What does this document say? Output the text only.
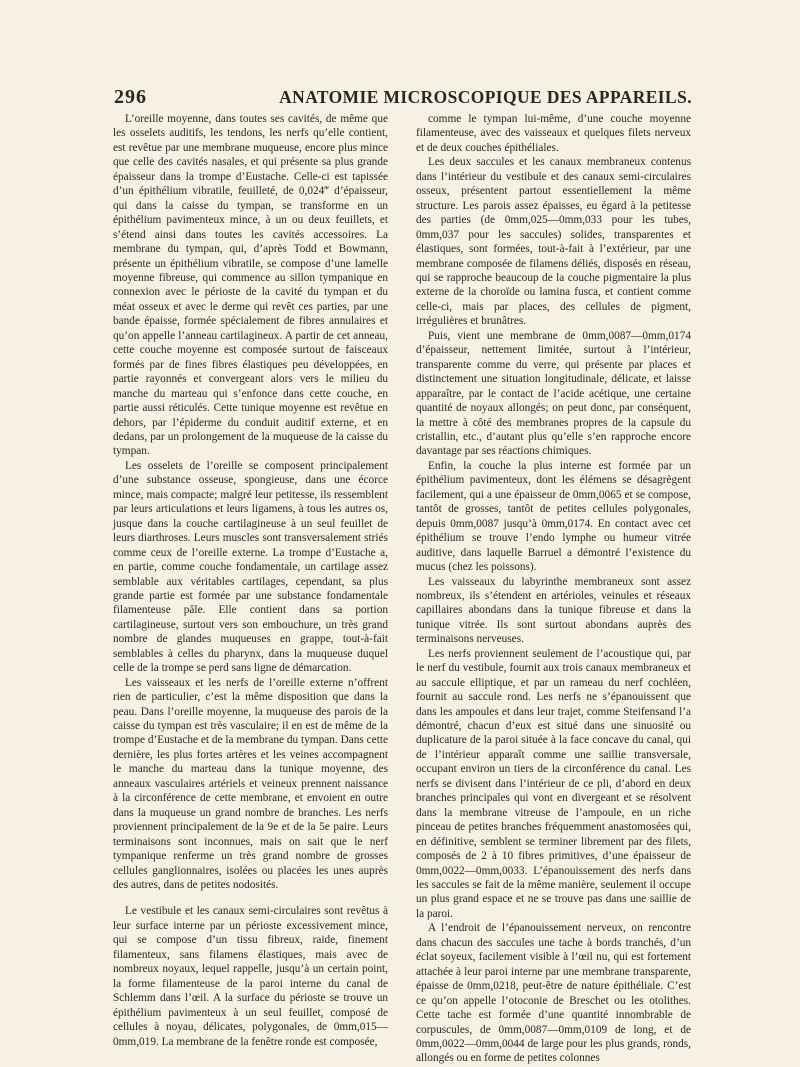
296	ANATOMIE MICROSCOPIQUE DES APPAREILS.

L’oreille moyenne, dans toutes ses cavités, de même que les osselets auditifs, les tendons, les nerfs qu’elle contient, est revêtue par une membrane muqueuse, encore plus mince que celle des cavités nasales, et qui présente sa plus grande épaisseur dans la trompe d’Eustache. Celle-ci est tapissée d’un épithélium vibratile, feuilleté, de 0,024‴ d’épaisseur, qui dans la caisse du tympan, se transforme en un épithélium pavimenteux mince, à un ou deux feuillets, et s’étend ainsi dans toutes les cavités accessoires. La membrane du tympan, qui, d’après Todd et Bowmann, présente un épithélium vibratile, se compose d’une lamelle moyenne fibreuse, qui commence au sillon tympanique en connexion avec le périoste de la cavité du tympan et du méat osseux et avec le derme qui revêt ces parties, par une bande épaisse, formée spécialement de fibres annulaires et qu’on appelle l’anneau cartilagineux. A partir de cet anneau, cette couche moyenne est composée surtout de faisceaux formés par de fines fibres élastiques peu développées, en partie rayonnés et convergeant alors vers le milieu du manche du marteau qui s’enfonce dans cette couche, en partie aussi réticulés. Cette tunique moyenne est revêtue en dehors, par l’épiderme du conduit auditif externe, et en dedans, par un prolongement de la muqueuse de la caisse du tympan.

Les osselets de l’oreille se composent principalement d’une substance osseuse, spongieuse, dans une écorce mince, mais compacte; malgré leur petitesse, ils ressemblent par leurs articulations et leurs ligamens, à tous les autres os, jusque dans la couche cartilagineuse à un seul feuillet de leurs diarthroses. Leurs muscles sont transversalement striés comme ceux de l’oreille externe. La trompe d’Eustache a, en partie, comme couche fondamentale, un cartilage assez semblable aux véritables cartilages, cependant, sa plus grande partie est formée par une substance fondamentale filamenteuse pâle. Elle contient dans sa portion cartilagineuse, surtout vers son embouchure, un très grand nombre de glandes muqueuses en grappe, tout-à-fait semblables à celles du pharynx, dans la muqueuse duquel celle de la trompe se perd sans ligne de démarcation.

Les vaisseaux et les nerfs de l’oreille externe n’offrent rien de particulier, c’est la même disposition que dans la peau. Dans l’oreille moyenne, la muqueuse des parois de la caisse du tympan est très vasculaire; il en est de même de la trompe d’Eustache et de la membrane du tympan. Dans cette dernière, les plus fortes artères et les veines accompagnent le manche du marteau dans la tunique moyenne, des anneaux vasculaires artériels et veineux prennent naissance à la circonférence de cette membrane, et envoient en outre dans la muqueuse un grand nombre de branches. Les nerfs proviennent principalement de la 9e et de la 5e paire. Leurs terminaisons sont inconnues, mais on sait que le nerf tympanique renferme un très grand nombre de grosses cellules ganglionnaires, isolées ou placées les unes auprès des autres, dans de petites nodosités.

Le vestibule et les canaux semi-circulaires sont revêtus à leur surface interne par un périoste excessivement mince, qui se compose d’un tissu fibreux, raide, finement filamenteux, sans filamens élastiques, mais avec de nombreux noyaux, lequel rappelle, jusqu’à un certain point, la forme filamenteuse de la paroi interne du canal de Schlemm dans l’œil. A la surface du périoste se trouve un épithélium pavimenteux à un seul feuillet, composé de cellules à noyau, délicates, polygonales, de 0mm,015—0mm,019. La membrane de la fenêtre ronde est composée,

comme le tympan lui-même, d’une couche moyenne filamenteuse, avec des vaisseaux et quelques filets nerveux et de deux couches épithéliales.

Les deux saccules et les canaux membraneux contenus dans l’intérieur du vestibule et des canaux semi-circulaires osseux, présentent partout essentiellement la même structure. Les parois assez épaisses, eu égard à la petitesse des parties (de 0mm,025—0mm,033 pour les tubes, 0mm,037 pour les saccules) solides, transparentes et élastiques, sont formées, tout-à-fait à l’extérieur, par une membrane composée de filamens déliés, disposés en réseau, qui se rapproche beaucoup de la couche pigmentaire la plus externe de la choroïde ou lamina fusca, et contient comme celle-ci, mais par places, des cellules de pigment, irrégulières et brunâtres.

Puis, vient une membrane de 0mm,0087—0mm,0174 d’épaisseur, nettement limitée, surtout à l’intérieur, transparente comme du verre, qui présente par places et distinctement une situation longitudinale, délicate, et laisse apparaître, par le contact de l’acide acétique, une certaine quantité de noyaux allongés; on peut donc, par conséquent, la mettre à côté des membranes propres de la capsule du cristallin, etc., d’autant plus qu’elle s’en rapproche encore davantage par ses réactions chimiques.

Enfin, la couche la plus interne est formée par un épithélium pavimenteux, dont les élémens se désagrègent facilement, qui a une épaisseur de 0mm,0065 et se compose, tantôt de grosses, tantôt de petites cellules polygonales, depuis 0mm,0087 jusqu’à 0mm,0174. En contact avec cet épithélium se trouve l’endo lymphe ou humeur vitrée auditive, dans laquelle Barruel a démontré l’existence du mucus (chez les poissons).

Les vaisseaux du labyrinthe membraneux sont assez nombreux, ils s’étendent en artérioles, veinules et réseaux capillaires abondans dans la tunique fibreuse et dans la tunique vitrée. Ils sont surtout abondans auprès des terminaisons nerveuses.

Les nerfs proviennent seulement de l’acoustique qui, par le nerf du vestibule, fournit aux trois canaux membraneux et au saccule elliptique, et par un rameau du nerf cochléen, fournit au saccule rond. Les nerfs ne s’épanouissent que dans les ampoules et dans leur trajet, comme Steifensand l’a démontré, chacun d’eux est situé dans une sinuosité ou duplicature de la paroi située à la face concave du canal, qui de l’intérieur apparaît comme une saillie transversale, occupant environ un tiers de la circonférence du canal. Les nerfs se divisent dans l’intérieur de ce pli, d’abord en deux branches principales qui vont en divergeant et se résolvent dans la membrane vitreuse de l’ampoule, en un riche pinceau de petites branches fréquemment anastomosées qui, en définitive, semblent se terminer librement par des filets, composés de 2 à 10 fibres primitives, d’une épaisseur de 0mm,0022—0mm,0033. L’épanouissement des nerfs dans les saccules se fait de la même manière, seulement il occupe un plus grand espace et ne se trouve pas dans une saillie de la paroi.

A l’endroit de l’épanouissement nerveux, on rencontre dans chacun des saccules une tache à bords tranchés, d’un éclat soyeux, facilement visible à l’œil nu, qui est fortement attachée à leur paroi interne par une membrane transparente, épaisse de 0mm,0218, peut-être de nature épithéliale. C’est ce qu’on appelle l’otoconie de Breschet ou les otolithes. Cette tache est formée d’une quantité innombrable de corpuscules, de 0mm,0087—0mm,0109 de long, et de 0mm,0022—0mm,0044 de large pour les plus grands, ronds, allongés ou en forme de petites colonnes
